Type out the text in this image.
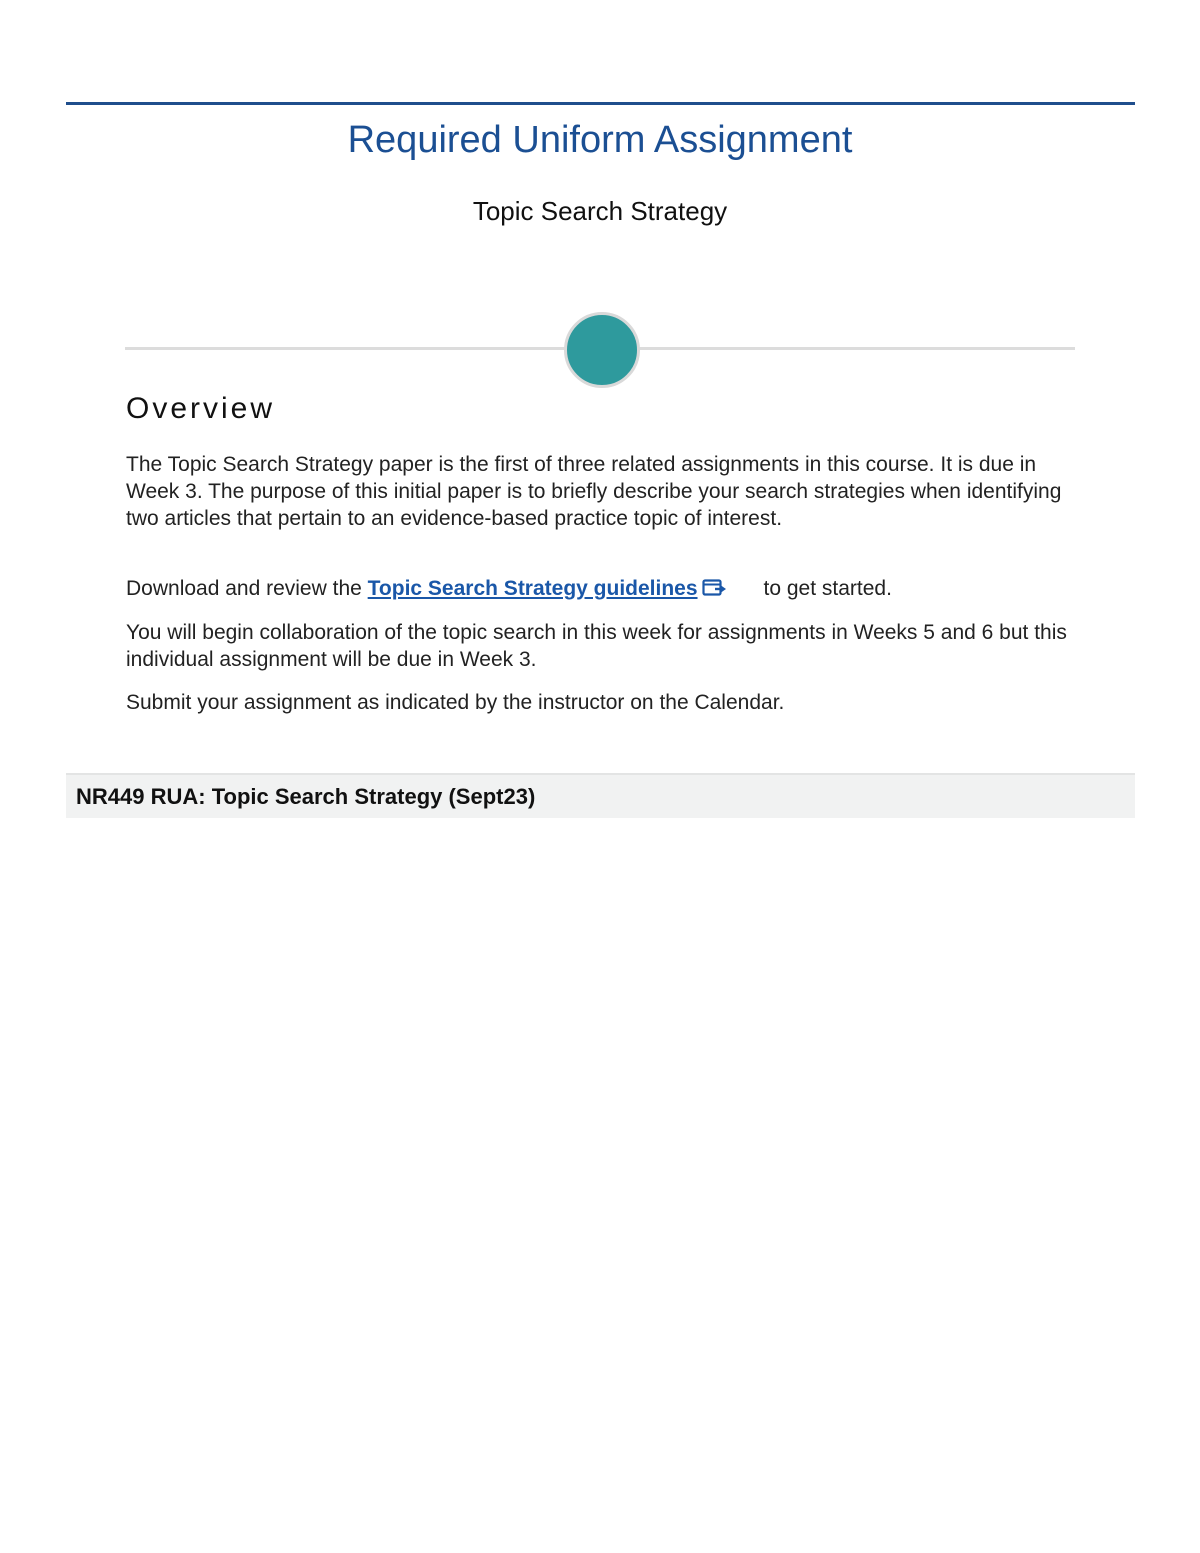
Required Uniform Assignment
Topic Search Strategy
Overview

The Topic Search Strategy paper is the first of three related assignments in this course. It is due in Week 3. The purpose of this initial paper is to briefly describe your search strategies when identifying two articles that pertain to an evidence-based practice topic of interest.

Download and review the Topic Search Strategy guidelines	to get started.

You will begin collaboration of the topic search in this week for assignments in Weeks 5 and 6 but this individual assignment will be due in Week 3.

Submit your assignment as indicated by the instructor on the Calendar.

NR449 RUA: Topic Search Strategy (Sept23)
